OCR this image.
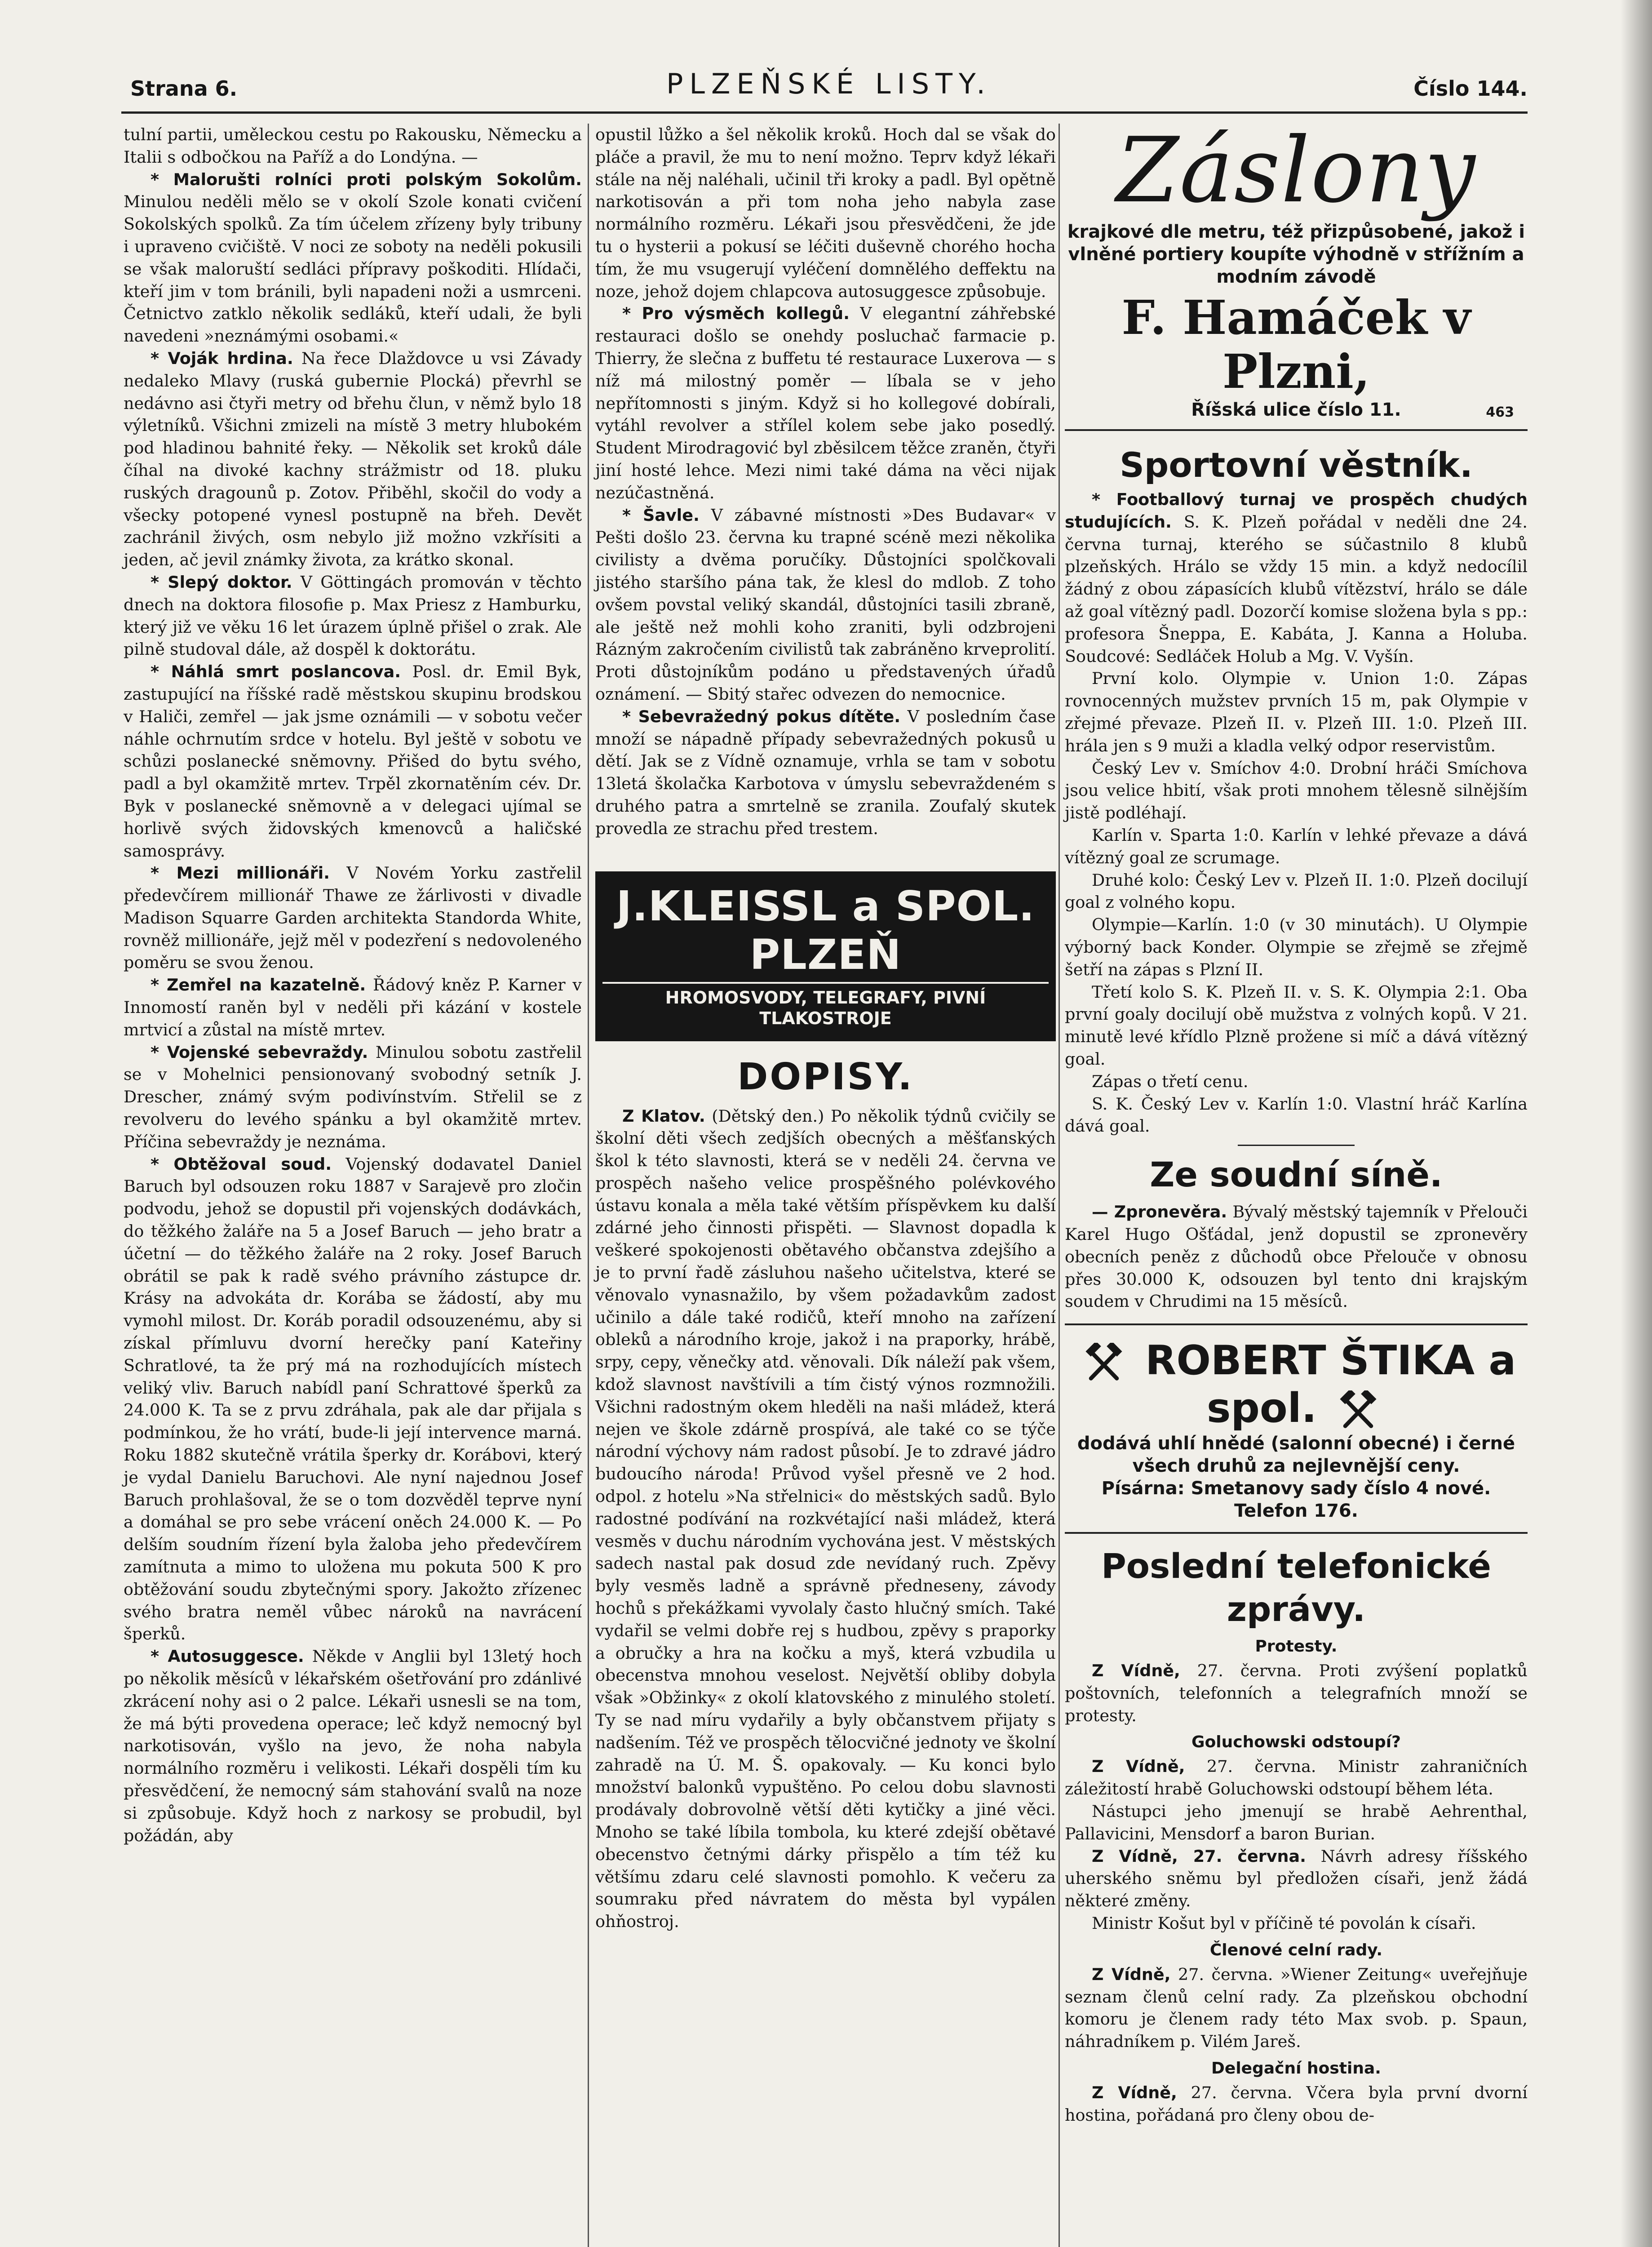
Strana 6.	PLZEŇSKÉ LISTY.	Číslo 144.

tulní partii, uměleckou cestu po Rakousku, Německu a Italii s odbočkou na Paříž a do Londýna. —

* Malorušti rolníci proti polským Sokolům. Minulou neděli mělo se v okolí Szole konati cvičení Sokolských spolků. Za tím účelem zřízeny byly tribuny i upraveno cvičiště. V noci ze soboty na neděli pokusili se však maloruští sedláci přípravy poškoditi. Hlídači, kteří jim v tom bránili, byli napadeni noži a usmrceni. Četnictvo zatklo několik sedláků, kteří udali, že byli navedeni »neznámými osobami.«

* Voják hrdina. Na řece Dlaždovce u vsi Závady nedaleko Mlavy (ruská gubernie Plocká) převrhl se nedávno asi čtyři metry od břehu člun, v němž bylo 18 výletníků. Všichni zmizeli na místě 3 metry hlubokém pod hladinou bahnité řeky. — Několik set kroků dále číhal na divoké kachny strážmistr od 18. pluku ruských dragounů p. Zotov. Přiběhl, skočil do vody a všecky potopené vynesl postupně na břeh. Devět zachránil živých, osm nebylo již možno vzkřísiti a jeden, ač jevil známky života, za krátko skonal.

* Slepý doktor. V Göttingách promován v těchto dnech na doktora filosofie p. Max Priesz z Hamburku, který již ve věku 16 let úrazem úplně přišel o zrak. Ale pilně studoval dále, až dospěl k doktorátu.

* Náhlá smrt poslancova. Posl. dr. Emil Byk, zastupující na říšské radě městskou skupinu brodskou v Haliči, zemřel — jak jsme oznámili — v sobotu večer náhle ochrnutím srdce v hotelu. Byl ještě v sobotu ve schůzi poslanecké sněmovny. Přišed do bytu svého, padl a byl okamžitě mrtev. Trpěl zkornatěním cév. Dr. Byk v poslanecké sněmovně a v delegaci ujímal se horlivě svých židovských kmenovců a haličské samosprávy.

* Mezi millionáři. V Novém Yorku zastřelil předevčírem millionář Thawe ze žárlivosti v divadle Madison Squarre Garden architekta Standorda White, rovněž millionáře, jejž měl v podezření s nedovoleného poměru se svou ženou.

* Zemřel na kazatelně. Řádový kněz P. Karner v Innomostí raněn byl v neděli při kázání v kostele mrtvicí a zůstal na místě mrtev.

* Vojenské sebevraždy. Minulou sobotu zastřelil se v Mohelnici pensionovaný svobodný setník J. Drescher, známý svým podivínstvím. Střelil se z revolveru do levého spánku a byl okamžitě mrtev. Příčina sebevraždy je neznáma.

* Obtěžoval soud. Vojenský dodavatel Daniel Baruch byl odsouzen roku 1887 v Sarajevě pro zločin podvodu, jehož se dopustil při vojenských dodávkách, do těžkého žaláře na 5 a Josef Baruch — jeho bratr a účetní — do těžkého žaláře na 2 roky. Josef Baruch obrátil se pak k radě svého právního zástupce dr. Krásy na advokáta dr. Korába se žádostí, aby mu vymohl milost. Dr. Koráb poradil odsouzenému, aby si získal přímluvu dvorní herečky paní Kateřiny Schratlové, ta že prý má na rozhodujících místech veliký vliv. Baruch nabídl paní Schrattové šperků za 24.000 K. Ta se z prvu zdráhala, pak ale dar přijala s podmínkou, že ho vrátí, bude-li její intervence marná. Roku 1882 skutečně vrátila šperky dr. Korábovi, který je vydal Danielu Baruchovi. Ale nyní najednou Josef Baruch prohlašoval, že se o tom dozvěděl teprve nyní a domáhal se pro sebe vrácení oněch 24.000 K. — Po delším soudním řízení byla žaloba jeho předevčírem zamítnuta a mimo to uložena mu pokuta 500 K pro obtěžování soudu zbytečnými spory. Jakožto zřízenec svého bratra neměl vůbec nároků na navrácení šperků.

* Autosuggesce. Někde v Anglii byl 13letý hoch po několik měsíců v lékařském ošetřování pro zdánlivé zkrácení nohy asi o 2 palce. Lékaři usnesli se na tom, že má býti provedena operace; leč když nemocný byl narkotisován, vyšlo na jevo, že noha nabyla normálního rozměru i velikosti. Lékaři dospěli tím ku přesvědčení, že nemocný sám stahování svalů na noze si způsobuje. Když hoch z narkosy se probudil, byl požádán, aby

opustil lůžko a šel několik kroků. Hoch dal se však do pláče a pravil, že mu to není možno. Teprv když lékaři stále na něj naléhali, učinil tři kroky a padl. Byl opětně narkotisován a při tom noha jeho nabyla zase normálního rozměru. Lékaři jsou přesvědčeni, že jde tu o hysterii a pokusí se léčiti duševně chorého hocha tím, že mu vsugerují vyléčení domnělého deffektu na noze, jehož dojem chlapcova autosuggesce způsobuje.

* Pro výsměch kollegů. V elegantní záhřebské restauraci došlo se onehdy posluchač farmacie p. Thierry, že slečna z buffetu té restaurace Luxerova — s níž má milostný poměr — líbala se v jeho nepřítomnosti s jiným. Když si ho kollegové dobírali, vytáhl revolver a střílel kolem sebe jako posedlý. Student Mirodragović byl zběsilcem těžce zraněn, čtyři jiní hosté lehce. Mezi nimi také dáma na věci nijak nezúčastněná.

* Šavle. V zábavné místnosti »Des Budavar« v Pešti došlo 23. června ku trapné scéně mezi několika civilisty a dvěma poručíky. Důstojníci spolčkovali jistého staršího pána tak, že klesl do mdlob. Z toho ovšem povstal veliký skandál, důstojníci tasili zbraně, ale ještě než mohli koho zraniti, byli odzbrojeni Rázným zakročením civilistů tak zabráněno krveprolití. Proti důstojníkům podáno u představených úřadů oznámení. — Sbitý stařec odvezen do nemocnice.

* Sebevražedný pokus dítěte. V posledním čase množí se nápadně případy sebevražedných pokusů u dětí. Jak se z Vídně oznamuje, vrhla se tam v sobotu 13letá školačka Karbotova v úmyslu sebevraždeném s druhého patra a smrtelně se zranila. Zoufalý skutek provedla ze strachu před trestem.

J.KLEISSL a SPOL. PLZEŇ
HROMOSVODY, TELEGRAFY, PIVNÍ TLAKOSTROJE
DOPISY.

Z Klatov. (Dětský den.) Po několik týdnů cvičily se školní děti všech zedjších obecných a měšťanských škol k této slavnosti, která se v neděli 24. června ve prospěch našeho velice prospěšného polévkového ústavu konala a měla také větším příspěvkem ku další zdárné jeho činnosti přispěti. — Slavnost dopadla k veškeré spokojenosti obětavého občanstva zdejšího a je to první řadě zásluhou našeho učitelstva, které se věnovalo vynasnažilo, by všem požadavkům zadost učinilo a dále také rodičů, kteří mnoho na zařízení obleků a národního kroje, jakož i na praporky, hrábě, srpy, cepy, věnečky atd. věnovali. Dík náleží pak všem, kdož slavnost navštívili a tím čistý výnos rozmnožili. Všichni radostným okem hleděli na naši mládež, která nejen ve škole zdárně prospívá, ale také co se týče národní výchovy nám radost působí. Je to zdravé jádro budoucího národa! Průvod vyšel přesně ve 2 hod. odpol. z hotelu »Na střelnici« do městských sadů. Bylo radostné podívání na rozkvétající naši mládež, která vesměs v duchu národním vychována jest. V městských sadech nastal pak dosud zde nevídaný ruch. Zpěvy byly vesměs ladně a správně předneseny, závody hochů s překážkami vyvolaly často hlučný smích. Také vydařil se velmi dobře rej s hudbou, zpěvy s praporky a obručky a hra na kočku a myš, která vzbudila u obecenstva mnohou veselost. Největší obliby dobyla však »Obžinky« z okolí klatovského z minulého století. Ty se nad míru vydařily a byly občanstvem přijaty s nadšením. Též ve prospěch tělocvičné jednoty ve školní zahradě na Ú. M. Š. opakovaly. — Ku konci bylo množství balonků vypuštěno. Po celou dobu slavnosti prodávaly dobrovolně větší děti kytičky a jiné věci. Mnoho se také líbila tombola, ku které zdejší obětavé obecenstvo četnými dárky přispělo a tím též ku většímu zdaru celé slavnosti pomohlo. K večeru za soumraku před návratem do města byl vypálen ohňostroj.

Záslony
krajkové dle metru, též přizpůsobené, jakož i vlněné portiery koupíte výhodně v střížním a modním závodě
F. Hamáček v Plzni,
Říšská ulice číslo 11.	463
Sportovní věstník.

* Footballový turnaj ve prospěch chudých studujících. S. K. Plzeň pořádal v neděli dne 24. června turnaj, kterého se súčastnilo 8 klubů plzeňských. Hrálo se vždy 15 min. a když nedocílil žádný z obou zápasících klubů vítězství, hrálo se dále až goal vítězný padl. Dozorčí komise složena byla s pp.: profesora Šneppa, E. Kabáta, J. Kanna a Holuba. Soudcové: Sedláček Holub a Mg. V. Vyšín.

První kolo. Olympie v. Union 1:0. Zápas rovnocenných mužstev prvních 15 m, pak Olympie v zřejmé převaze. Plzeň II. v. Plzeň III. 1:0. Plzeň III. hrála jen s 9 muži a kladla velký odpor reservistům.

Český Lev v. Smíchov 4:0. Drobní hráči Smíchova jsou velice hbití, však proti mnohem tělesně silnějším jistě podléhají.

Karlín v. Sparta 1:0. Karlín v lehké převaze a dává vítězný goal ze scrumage.

Druhé kolo: Český Lev v. Plzeň II. 1:0. Plzeň docilují goal z volného kopu.

Olympie—Karlín. 1:0 (v 30 minutách). U Olympie výborný back Konder. Olympie se zřejmě se zřejmě šetří na zápas s Plzní II.

Třetí kolo S. K. Plzeň II. v. S. K. Olympia 2:1. Oba první goaly docilují obě mužstva z volných kopů. V 21. minutě levé křídlo Plzně prožene si míč a dává vítězný goal.

Zápas o třetí cenu.

S. K. Český Lev v. Karlín 1:0. Vlastní hráč Karlína dává goal.

Ze soudní síně.

— Zpronevěra. Bývalý městský tajemník v Přelouči Karel Hugo Ošťádal, jenž dopustil se zpronevěry obecních peněz z důchodů obce Přelouče v obnosu přes 30.000 K, odsouzen byl tento dni krajským soudem v Chrudimi na 15 měsíců.

ROBERT ŠTIKA a spol.
dodává uhlí hnědé (salonní obecné) i černé všech druhů za nejlevnější ceny.
Písárna: Smetanovy sady číslo 4 nové.
Telefon 176.
Poslední telefonické zprávy.
Protesty.

Z Vídně, 27. června. Proti zvýšení poplatků poštovních, telefonních a telegrafních množí se protesty.

Goluchowski odstoupí?

Z Vídně, 27. června. Ministr zahraničních záležitostí hrabě Goluchowski odstoupí během léta.

Nástupci jeho jmenují se hrabě Aehrenthal, Pallavicini, Mensdorf a baron Burian.

Z Vídně, 27. června. Návrh adresy říšského uherského sněmu byl předložen císaři, jenž žádá některé změny.

Ministr Košut byl v příčině té povolán k císaři.

Členové celní rady.

Z Vídně, 27. června. »Wiener Zeitung« uveřejňuje seznam členů celní rady. Za plzeňskou obchodní komoru je členem rady této Max svob. p. Spaun, náhradníkem p. Vilém Jareš.

Delegační hostina.

Z Vídně, 27. června. Včera byla první dvorní hostina, pořádaná pro členy obou de-
